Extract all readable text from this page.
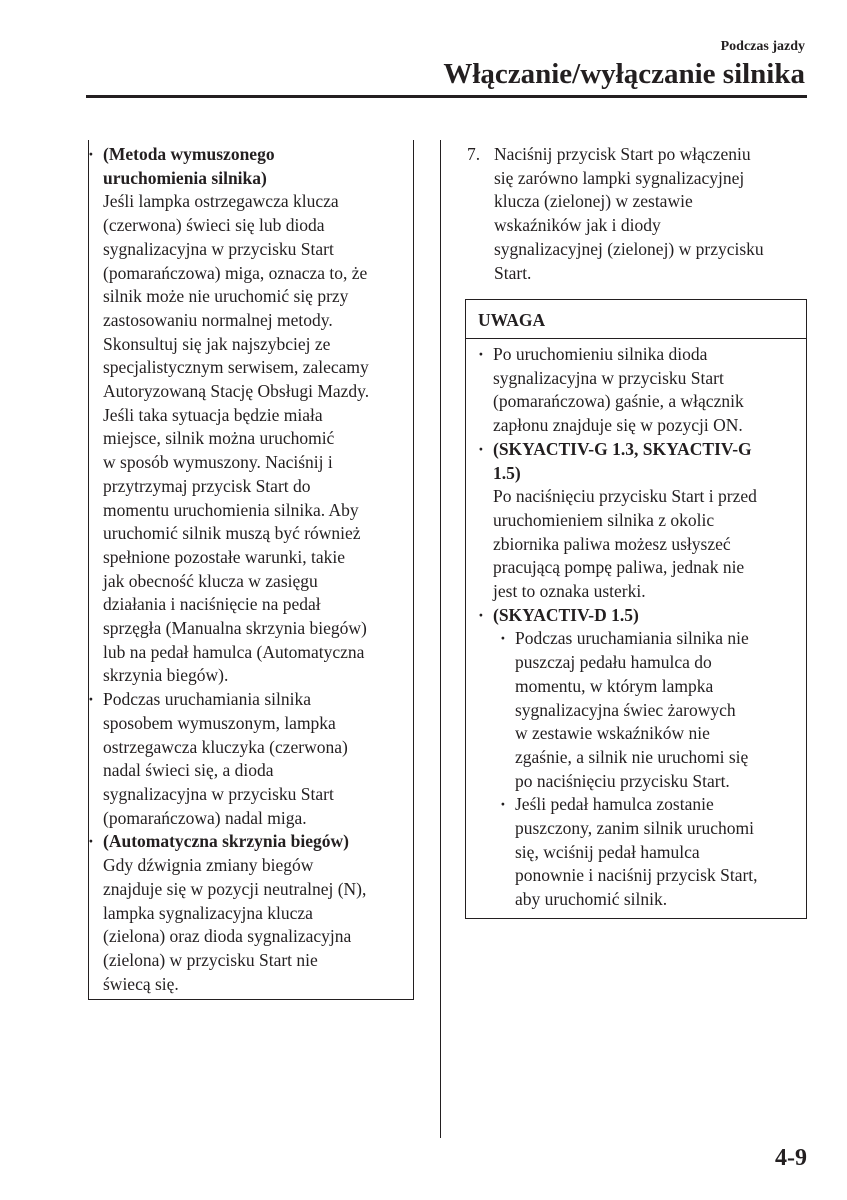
Podczas jazdy
Włączanie/wyłączanie silnika
· (Metoda wymuszonego
uruchomienia silnika)
Jeśli lampka ostrzegawcza klucza
(czerwona) świeci się lub dioda
sygnalizacyjna w przycisku Start
(pomarańczowa) miga, oznacza to, że
silnik może nie uruchomić się przy
zastosowaniu normalnej metody.
Skonsultuj się jak najszybciej ze
specjalistycznym serwisem, zalecamy
Autoryzowaną Stację Obsługi Mazdy.
Jeśli taka sytuacja będzie miała
miejsce, silnik można uruchomić
w sposób wymuszony. Naciśnij i
przytrzymaj przycisk Start do
momentu uruchomienia silnika. Aby
uruchomić silnik muszą być również
spełnione pozostałe warunki, takie
jak obecność klucza w zasięgu
działania i naciśnięcie na pedał
sprzęgła (Manualna skrzynia biegów)
lub na pedał hamulca (Automatyczna
skrzynia biegów).
· Podczas uruchamiania silnika
sposobem wymuszonym, lampka
ostrzegawcza kluczyka (czerwona)
nadal świeci się, a dioda
sygnalizacyjna w przycisku Start
(pomarańczowa) nadal miga.
· (Automatyczna skrzynia biegów)
Gdy dźwignia zmiany biegów
znajduje się w pozycji neutralnej (N),
lampka sygnalizacyjna klucza
(zielona) oraz dioda sygnalizacyjna
(zielona) w przycisku Start nie
świecą się.
7. Naciśnij przycisk Start po włączeniu
się zarówno lampki sygnalizacyjnej
klucza (zielonej) w zestawie
wskaźników jak i diody
sygnalizacyjnej (zielonej) w przycisku
Start.
UWAGA
· Po uruchomieniu silnika dioda
sygnalizacyjna w przycisku Start
(pomarańczowa) gaśnie, a włącznik
zapłonu znajduje się w pozycji ON.
· (SKYACTIV-G 1.3, SKYACTIV-G
1.5)
Po naciśnięciu przycisku Start i przed
uruchomieniem silnika z okolic
zbiornika paliwa możesz usłyszeć
pracującą pompę paliwa, jednak nie
jest to oznaka usterki.
· (SKYACTIV-D 1.5)
· Podczas uruchamiania silnika nie
puszczaj pedału hamulca do
momentu, w którym lampka
sygnalizacyjna świec żarowych
w zestawie wskaźników nie
zgaśnie, a silnik nie uruchomi się
po naciśnięciu przycisku Start.
· Jeśli pedał hamulca zostanie
puszczony, zanim silnik uruchomi
się, wciśnij pedał hamulca
ponownie i naciśnij przycisk Start,
aby uruchomić silnik.
4-9
